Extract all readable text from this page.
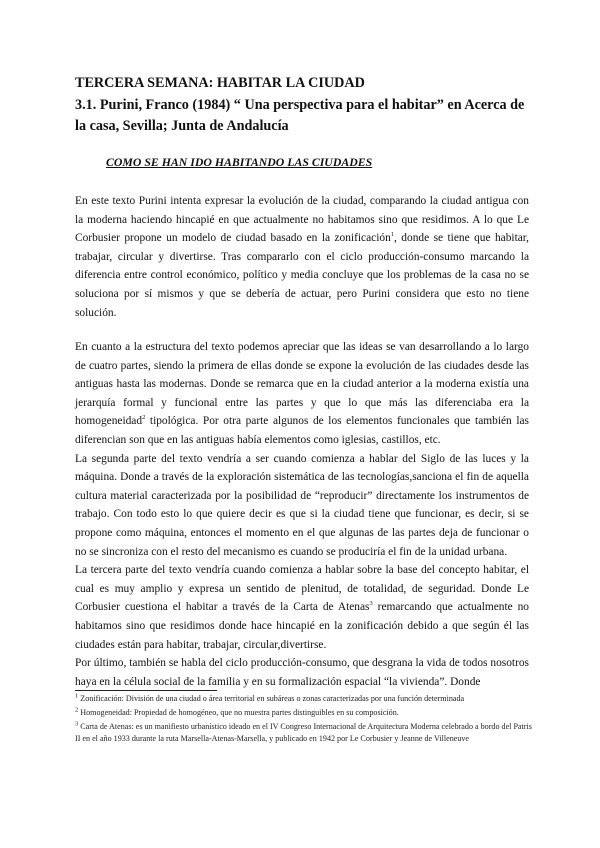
TERCERA SEMANA: HABITAR LA CIUDAD
3.1. Purini, Franco (1984) “ Una perspectiva para el habitar” en Acerca de la casa, Sevilla; Junta de Andalucía
COMO SE HAN IDO HABITANDO LAS CIUDADES

En este texto Purini intenta expresar la evolución de la ciudad, comparando la ciudad antigua con la moderna haciendo hincapié en que actualmente no habitamos sino que residimos. A lo que Le Corbusier propone un modelo de ciudad basado en la zonificación$^1$, donde se tiene que habitar, trabajar, circular y divertirse. Tras compararlo con el ciclo producción-consumo marcando la diferencia entre control económico, político y media concluye que los problemas de la casa no se soluciona por sí mismos y que se debería de actuar, pero Purini considera que esto no tiene solución.

En cuanto a la estructura del texto podemos apreciar que las ideas se van desarrollando a lo largo de cuatro partes, siendo la primera de ellas donde se expone la evolución de las ciudades desde las antiguas hasta las modernas. Donde se remarca que en la ciudad anterior a la moderna existía una jerarquía formal y funcional entre las partes y que lo que más las diferenciaba era la homogeneidad$^2$ tipológica. Por otra parte algunos de los elementos funcionales que también las diferencian son que en las antiguas había elementos como iglesias, castillos, etc.

La segunda parte del texto vendría a ser cuando comienza a hablar del Siglo de las luces y la máquina. Donde a través de la exploración sistemática de las tecnologías,sanciona el fin de aquella cultura material caracterizada por la posibilidad de “reproducir” directamente los instrumentos de trabajo. Con todo esto lo que quiere decir es que si la ciudad tiene que funcionar, es decir, si se propone como máquina, entonces el momento en el que algunas de las partes deja de funcionar o no se sincroniza con el resto del mecanismo es cuando se produciría el fin de la unidad urbana.

La tercera parte del texto vendría cuando comienza a hablar sobre la base del concepto habitar, el cual es muy amplio y expresa un sentido de plenitud, de totalidad, de seguridad. Donde Le Corbusier cuestiona el habitar a través de la Carta de Atenas$^3$ remarcando que actualmente no habitamos sino que residimos donde hace hincapié en la zonificación debido a que según él las ciudades están para habitar, trabajar, circular,divertirse.

Por último, también se habla del ciclo producción-consumo, que desgrana la vida de todos nosotros haya en la célula social de la familia y en su formalización espacial “la vivienda”. Donde

$^1$ Zonificación: División de una ciudad o área territorial en subáreas o zonas caracterizadas por una función determinada

$^2$ Homogeneidad: Propiedad de homogéneo, que no muestra partes distinguibles en su composición.

$^3$ Carta de Atenas: es un manifiesto urbanístico ideado en el IV Congreso Internacional de Arquitectura Moderna celebrado a bordo del Patris II en el año 1933 durante la ruta Marsella-Atenas-Marsella, y publicado en 1942 por Le Corbusier y Jeanne de Villeneuve
